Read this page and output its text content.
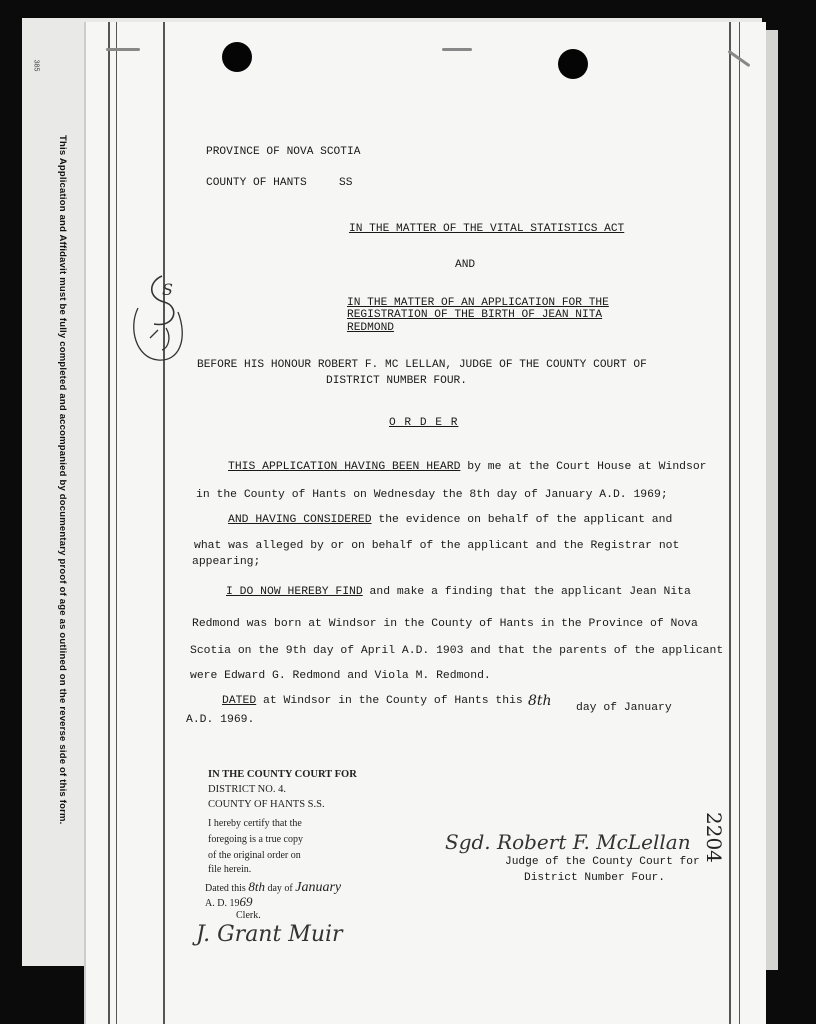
385
This Application and Affidavit must be fully completed and accompanied by documentary proof of age as outlined on the reverse side of this form.	PROVINCE OF NOVA SCOTIA
COUNTY OF HANTS	SS
IN THE MATTER OF THE VITAL STATISTICS ACT
AND
IN THE MATTER OF AN APPLICATION FOR THE
REGISTRATION OF THE BIRTH OF JEAN NITA
REDMOND
BEFORE HIS HONOUR ROBERT F. MC LELLAN, JUDGE OF THE COUNTY COURT OF
DISTRICT NUMBER FOUR.
O R D E R
THIS APPLICATION HAVING BEEN HEARD by me at the Court House at Windsor
in the County of Hants on Wednesday the 8th day of January A.D. 1969;
AND HAVING CONSIDERED the evidence on behalf of the applicant and
what was alleged by or on behalf of the applicant and the Registrar not
appearing;
I DO NOW HEREBY FIND and make a finding that the applicant Jean Nita
Redmond was born at Windsor in the County of Hants in the Province of Nova
Scotia on the 9th day of April A.D. 1903 and that the parents of the applicant
were Edward G. Redmond and Viola M. Redmond.
DATED at Windsor in the County of Hants this 8th day of January
A.D. 1969.
IN THE COUNTY COURT FOR
DISTRICT NO. 4.
COUNTY OF HANTS S.S.
I hereby certify that the
foregoing is a true copy
of the original order on
file herein.
Dated this 8th day of January
A. D. 1969
Clerk.
J. Grant Muir
Sgd. Robert F. McLellan
Judge of the County Court for
District Number Four.
2204
S
